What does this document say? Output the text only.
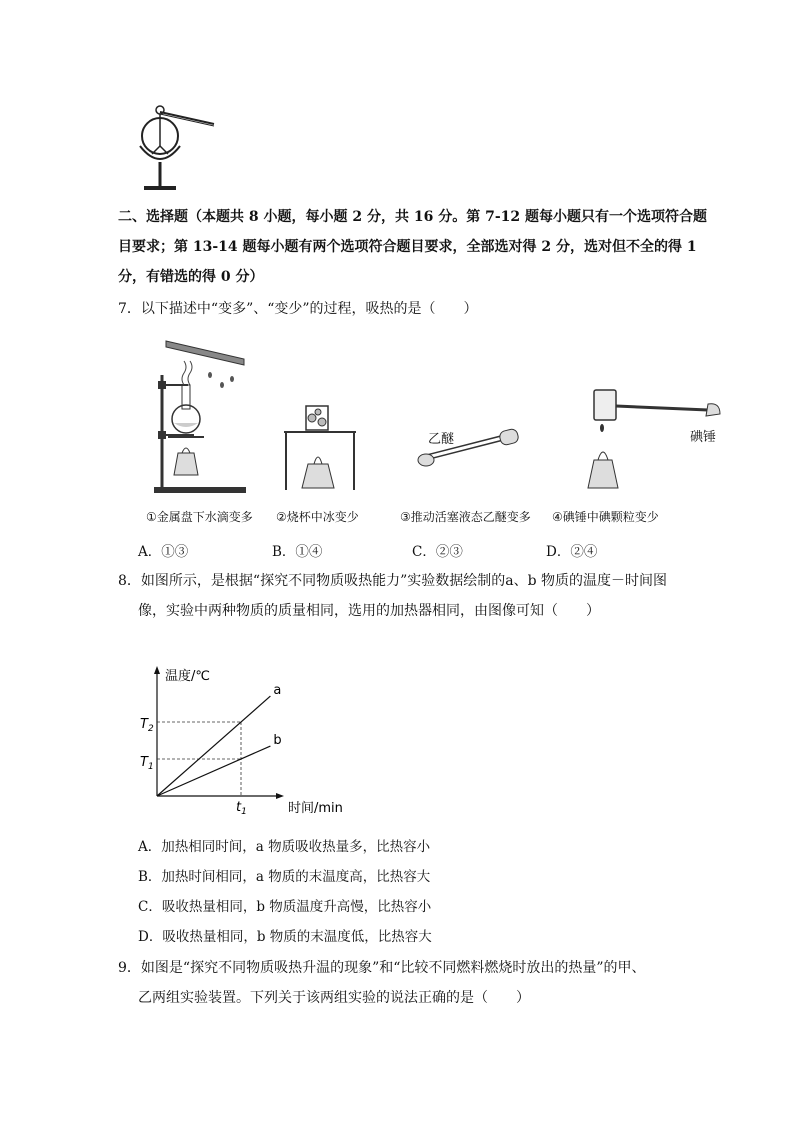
二、选择题（本题共 8 小题，每小题 2 分，共 16 分。第 7-12 题每小题只有一个选项符合题
目要求；第 13-14 题每小题有两个选项符合题目要求，全部选对得 2 分，选对但不全的得 1
分，有错选的得 0 分）
7．以下描述中“变多”、“变少”的过程，吸热的是（　　）
乙醚	碘锤
①金属盘下水滴变多 ②烧杯中冰变少	③推动活塞液态乙醚变多 ④碘锤中碘颗粒变少
A．①③	B．①④	C．②③	D．②④
8．如图所示，是根据“探究不同物质吸热能力”实验数据绘制的a、b 物质的温度－时间图
像，实验中两种物质的质量相同，选用的加热器相同，由图像可知（　　）
a
b
温度/℃
时间/min
$T_2$
$T_1$
$t_1$
A．加热相同时间，a 物质吸收热量多，比热容小
B．加热时间相同，a 物质的末温度高，比热容大
C．吸收热量相同，b 物质温度升高慢，比热容小
D．吸收热量相同，b 物质的末温度低，比热容大
9．如图是“探究不同物质吸热升温的现象”和“比较不同燃料燃烧时放出的热量”的甲、
乙两组实验装置。下列关于该两组实验的说法正确的是（　　）
